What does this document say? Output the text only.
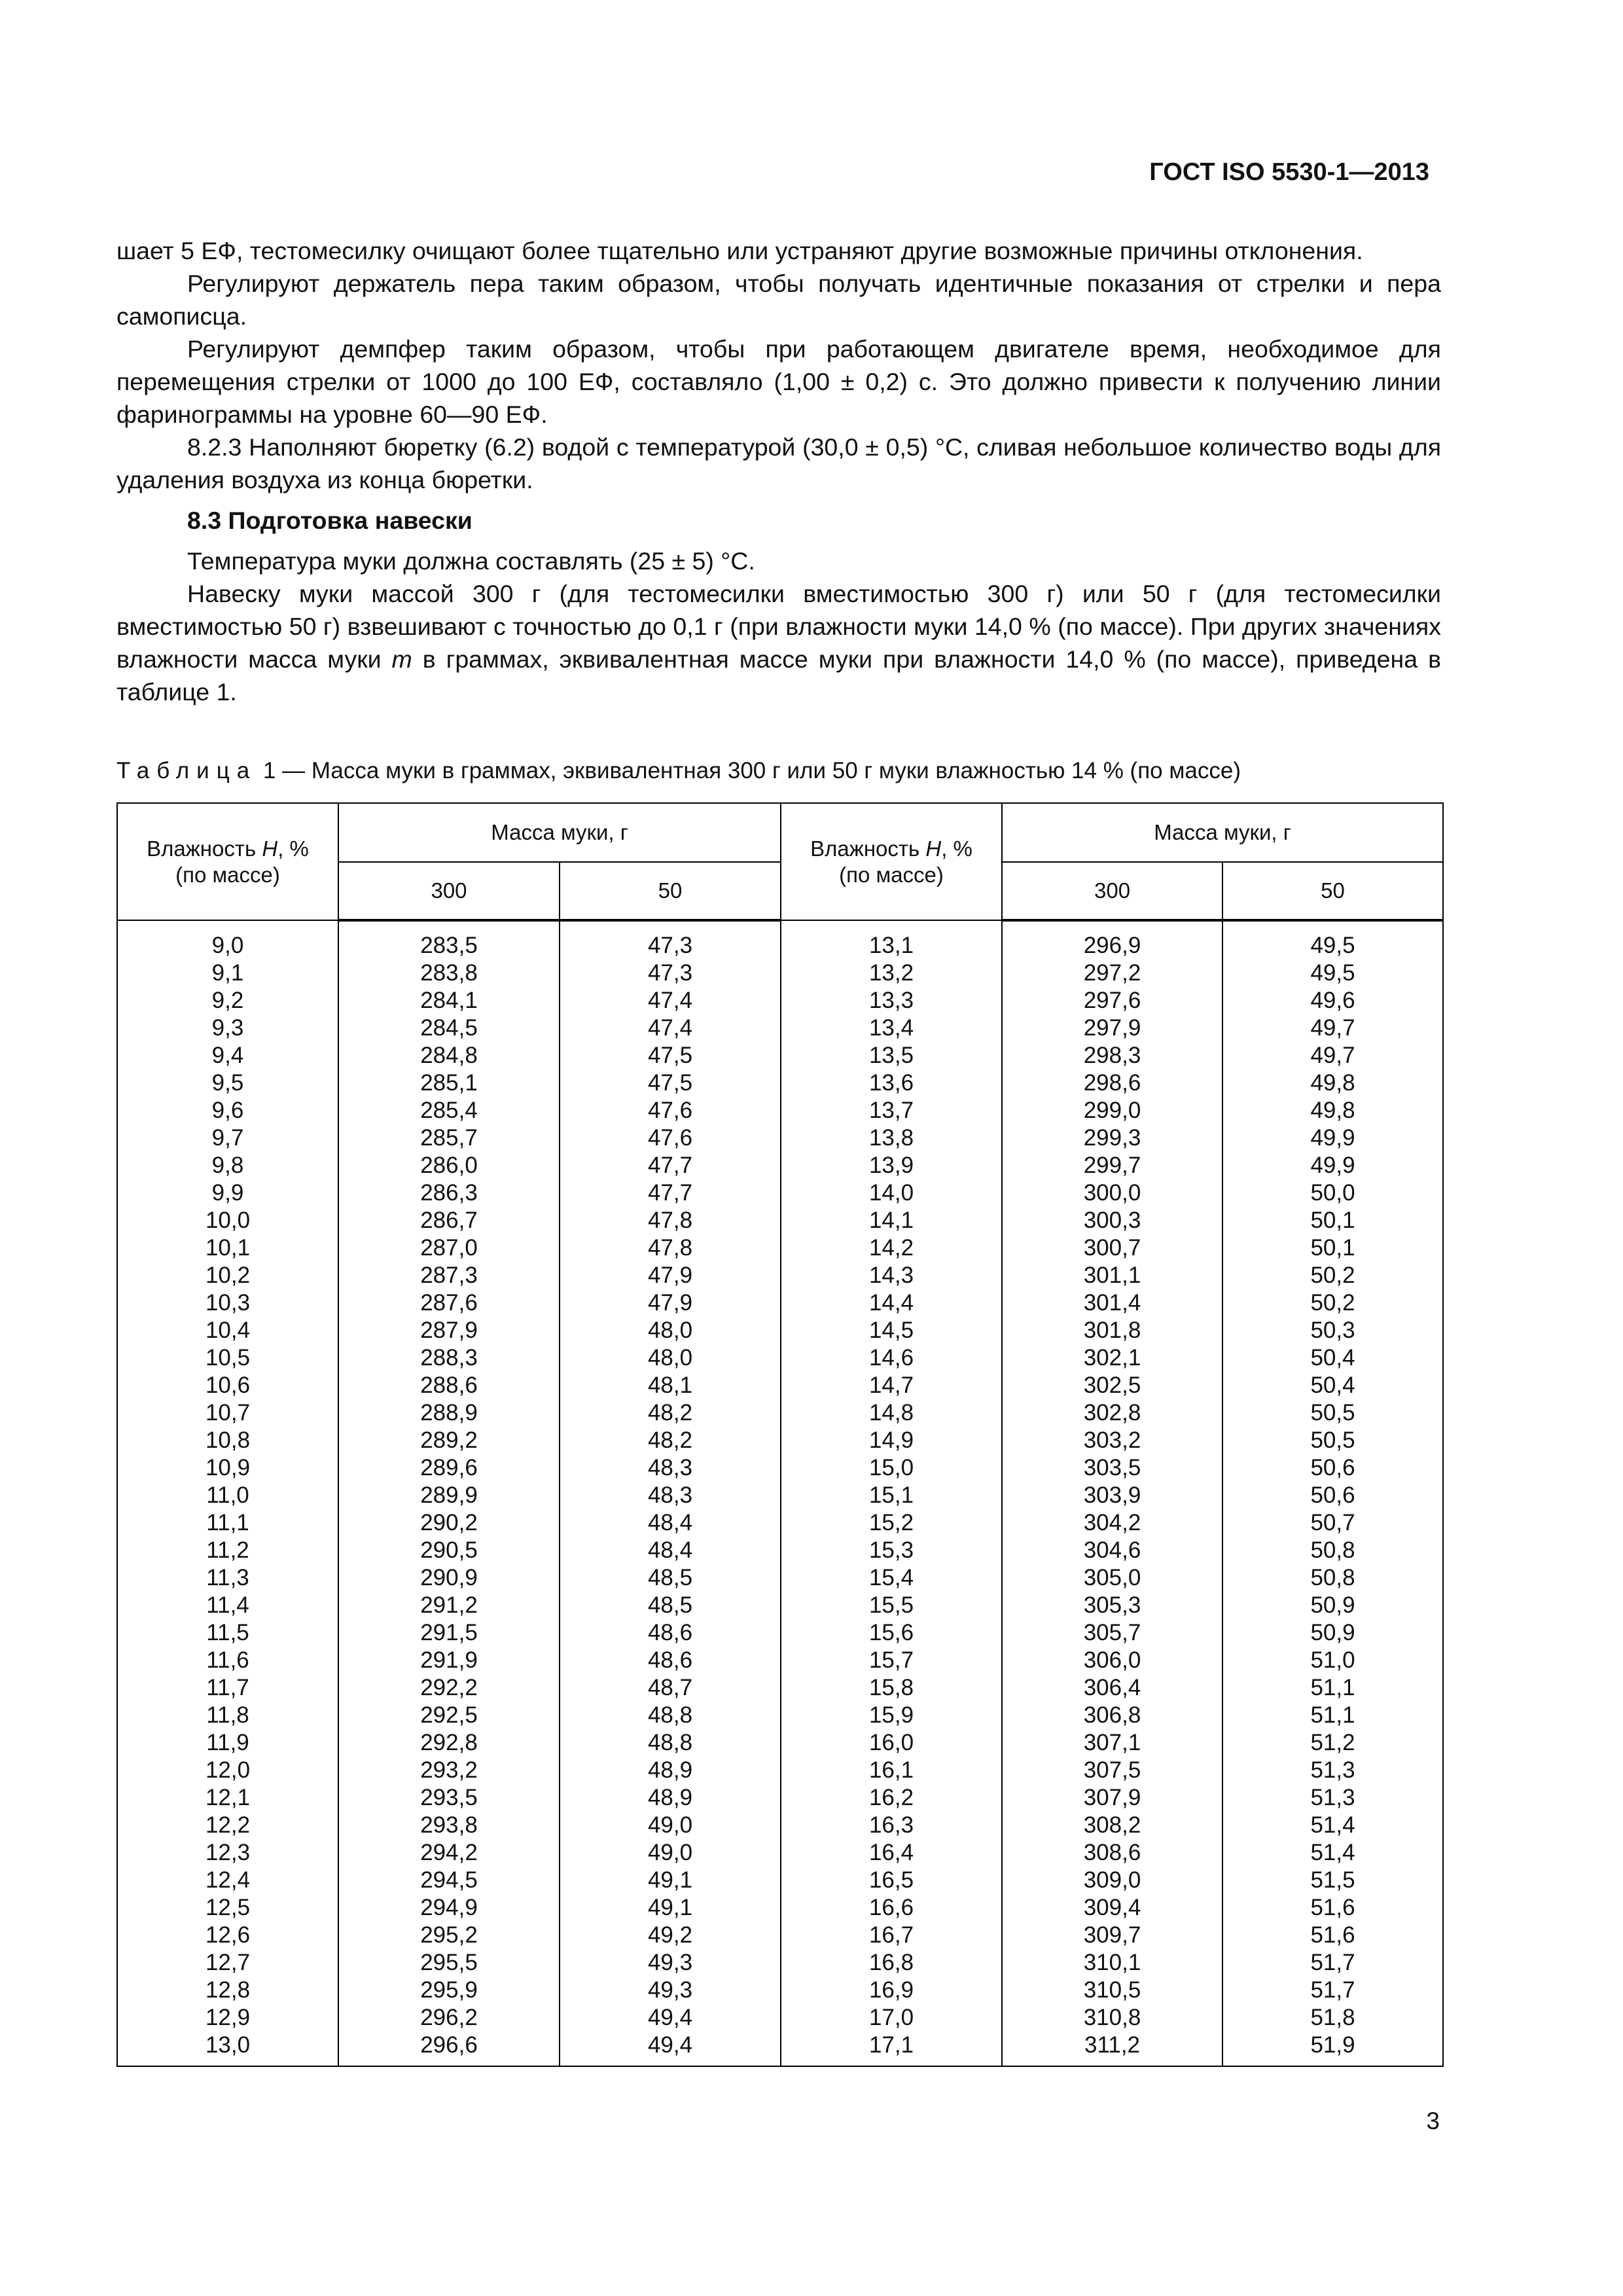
ГОСТ ISO 5530-1—2013

шает 5 ЕФ, тестомесилку очищают более тщательно или устраняют другие возможные причины отклонения.

Регулируют держатель пера таким образом, чтобы получать идентичные показания от стрелки и пера самописца.

Регулируют демпфер таким образом, чтобы при работающем двигателе время, необходимое для перемещения стрелки от 1000 до 100 ЕФ, составляло (1,00 ± 0,2) с. Это должно привести к получению линии фаринограммы на уровне 60—90 ЕФ.

8.2.3 Наполняют бюретку (6.2) водой с температурой (30,0 ± 0,5) °С, сливая небольшое количество воды для удаления воздуха из конца бюретки.

8.3 Подготовка навески

Температура муки должна составлять (25 ± 5) °С.

Навеску муки массой 300 г (для тестомесилки вместимостью 300 г) или 50 г (для тестомесилки вместимостью 50 г) взвешивают с точностью до 0,1 г (при влажности муки 14,0 % (по массе). При других значениях влажности масса муки m в граммах, эквивалентная массе муки при влажности 14,0 % (по массе), приведена в таблице 1.

Таблица 1 — Масса муки в граммах, эквивалентная 300 г или 50 г муки влажностью 14 % (по массе)
Влажность Н, %
(по массе)	Масса муки, г		Влажность Н, %
(по массе)	Масса муки, г	
	300	50		300	50
9,0	283,5	47,3	13,1	296,9	49,5
9,1	283,8	47,3	13,2	297,2	49,5
9,2	284,1	47,4	13,3	297,6	49,6
9,3	284,5	47,4	13,4	297,9	49,7
9,4	284,8	47,5	13,5	298,3	49,7
9,5	285,1	47,5	13,6	298,6	49,8
9,6	285,4	47,6	13,7	299,0	49,8
9,7	285,7	47,6	13,8	299,3	49,9
9,8	286,0	47,7	13,9	299,7	49,9
9,9	286,3	47,7	14,0	300,0	50,0
10,0	286,7	47,8	14,1	300,3	50,1
10,1	287,0	47,8	14,2	300,7	50,1
10,2	287,3	47,9	14,3	301,1	50,2
10,3	287,6	47,9	14,4	301,4	50,2
10,4	287,9	48,0	14,5	301,8	50,3
10,5	288,3	48,0	14,6	302,1	50,4
10,6	288,6	48,1	14,7	302,5	50,4
10,7	288,9	48,2	14,8	302,8	50,5
10,8	289,2	48,2	14,9	303,2	50,5
10,9	289,6	48,3	15,0	303,5	50,6
11,0	289,9	48,3	15,1	303,9	50,6
11,1	290,2	48,4	15,2	304,2	50,7
11,2	290,5	48,4	15,3	304,6	50,8
11,3	290,9	48,5	15,4	305,0	50,8
11,4	291,2	48,5	15,5	305,3	50,9
11,5	291,5	48,6	15,6	305,7	50,9
11,6	291,9	48,6	15,7	306,0	51,0
11,7	292,2	48,7	15,8	306,4	51,1
11,8	292,5	48,8	15,9	306,8	51,1
11,9	292,8	48,8	16,0	307,1	51,2
12,0	293,2	48,9	16,1	307,5	51,3
12,1	293,5	48,9	16,2	307,9	51,3
12,2	293,8	49,0	16,3	308,2	51,4
12,3	294,2	49,0	16,4	308,6	51,4
12,4	294,5	49,1	16,5	309,0	51,5
12,5	294,9	49,1	16,6	309,4	51,6
12,6	295,2	49,2	16,7	309,7	51,6
12,7	295,5	49,3	16,8	310,1	51,7
12,8	295,9	49,3	16,9	310,5	51,7
12,9	296,2	49,4	17,0	310,8	51,8
13,0	296,6	49,4	17,1	311,2	51,9
3
